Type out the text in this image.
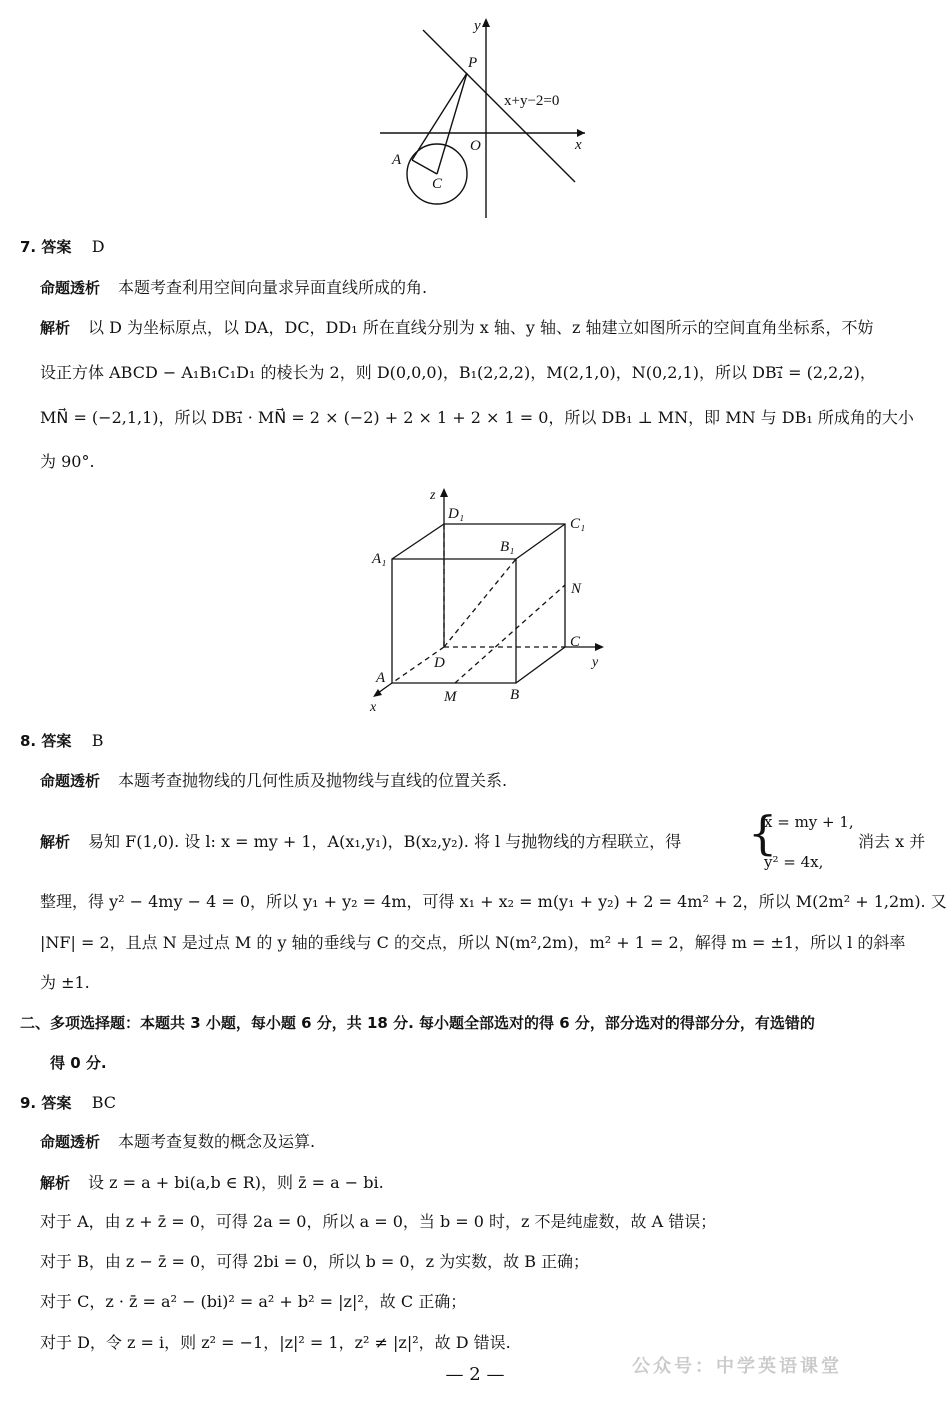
y
x
P
O
A
C
x+y−2=0
7. 答案 D
命题透析 本题考查利用空间向量求异面直线所成的角.
解析 以 D 为坐标原点，以 DA，DC，DD₁ 所在直线分别为 x 轴、y 轴、z 轴建立如图所示的空间直角坐标系，不妨
设正方体 ABCD − A₁B₁C₁D₁ 的棱长为 2，则 D(0,0,0)，B₁(2,2,2)，M(2,1,0)，N(0,2,1)，所以 DB₁⃗ = (2,2,2)，
MN⃗ = (−2,1,1)，所以 DB₁⃗ · MN⃗ = 2 × (−2) + 2 × 1 + 2 × 1 = 0，所以 DB₁ ⊥ MN，即 MN 与 DB₁ 所成角的大小
为 90°.
z
D₁
C₁
A₁
B₁
N
C
y
D
A
M	B
x
8. 答案 B
命题透析 本题考查抛物线的几何性质及抛物线与直线的位置关系.
解析 易知 F(1,0). 设 l: x = my + 1，A(x₁,y₁)，B(x₂,y₂). 将 l 与抛物线的方程联立，得 {
x = my + 1,
y² = 4x,
消去 x 并
整理，得 y² − 4my − 4 = 0，所以 y₁ + y₂ = 4m，可得 x₁ + x₂ = m(y₁ + y₂) + 2 = 4m² + 2，所以 M(2m² + 1,2m). 又
|NF| = 2，且点 N 是过点 M 的 y 轴的垂线与 C 的交点，所以 N(m²,2m)，m² + 1 = 2，解得 m = ±1，所以 l 的斜率
为 ±1.
二、多项选择题：本题共 3 小题，每小题 6 分，共 18 分. 每小题全部选对的得 6 分，部分选对的得部分分，有选错的
得 0 分.
9. 答案 BC
命题透析 本题考查复数的概念及运算.
解析 设 z = a + bi(a,b ∈ R)，则 z̄ = a − bi.
对于 A，由 z + z̄ = 0，可得 2a = 0，所以 a = 0，当 b = 0 时，z 不是纯虚数，故 A 错误；
对于 B，由 z − z̄ = 0，可得 2bi = 0，所以 b = 0，z 为实数，故 B 正确；
对于 C，z · z̄ = a² − (bi)² = a² + b² = |z|²，故 C 正确；
对于 D，令 z = i，则 z² = −1，|z|² = 1，z² ≠ |z|²，故 D 错误.
— 2 —	公众号：中学英语课堂
